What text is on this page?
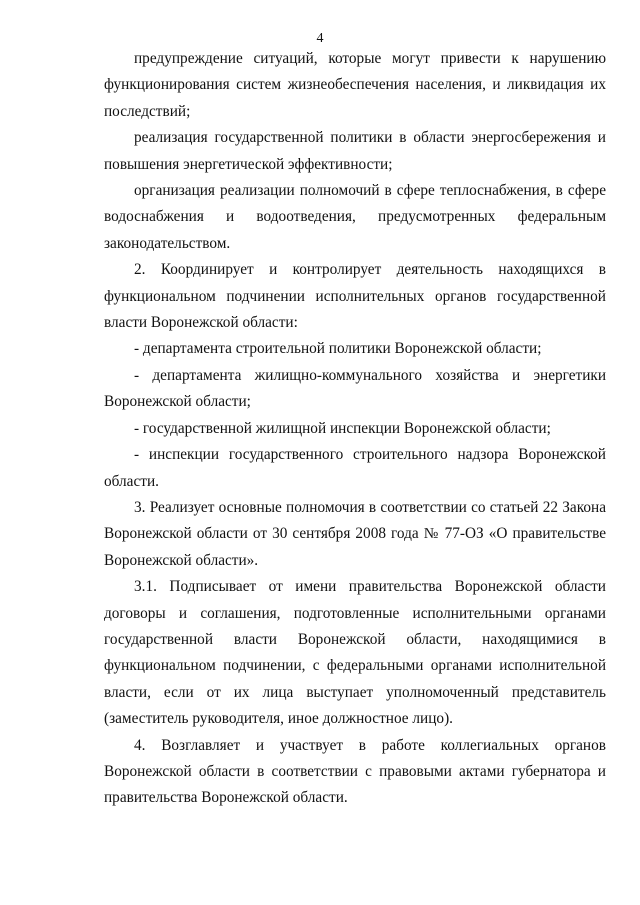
4

предупреждение ситуаций, которые могут привести к нарушению функционирования систем жизнеобеспечения населения, и ликвидация их последствий;

реализация государственной политики в области энергосбережения и повышения энергетической эффективности;

организация реализации полномочий в сфере теплоснабжения, в сфере водоснабжения и водоотведения, предусмотренных федеральным законодательством.

2. Координирует и контролирует деятельность находящихся в функциональном подчинении исполнительных органов государственной власти Воронежской области:

- департамента строительной политики Воронежской области;

- департамента жилищно-коммунального хозяйства и энергетики Воронежской области;

- государственной жилищной инспекции Воронежской области;

- инспекции государственного строительного надзора Воронежской области.

3. Реализует основные полномочия в соответствии со статьей 22 Закона Воронежской области от 30 сентября 2008 года № 77-ОЗ «О правительстве Воронежской области».

3.1. Подписывает от имени правительства Воронежской области договоры и соглашения, подготовленные исполнительными органами государственной власти Воронежской области, находящимися в функциональном подчинении, с федеральными органами исполнительной власти, если от их лица выступает уполномоченный представитель (заместитель руководителя, иное должностное лицо).

4. Возглавляет и участвует в работе коллегиальных органов Воронежской области в соответствии с правовыми актами губернатора и правительства Воронежской области.
